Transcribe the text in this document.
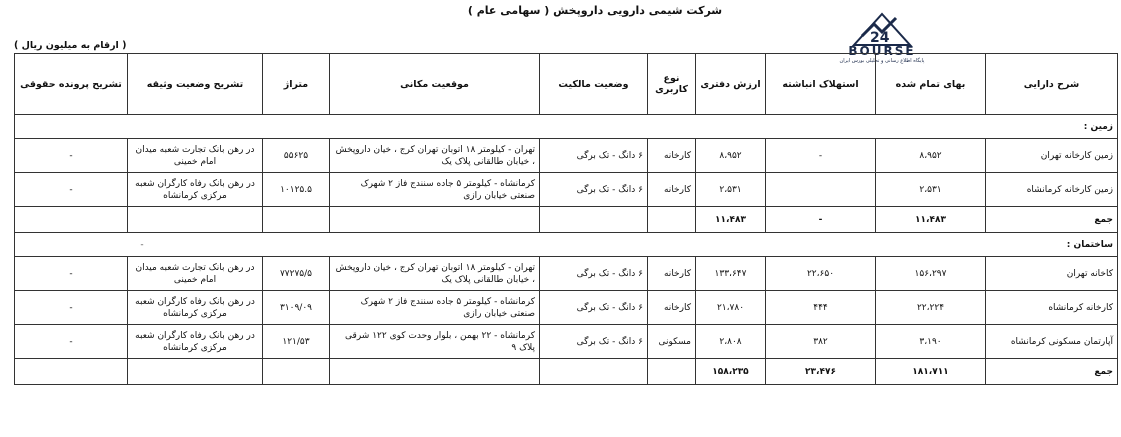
شرکت شیمی دارویی داروپخش ( سهامی عام )
( ارقام به میلیون ریال )	24
BOURSE
پایگاه اطلاع رسانی و تحلیلی بورس ایران
شرح دارایی	بهای تمام شده	استهلاک انباشته	ارزش دفتری	نوع کاربری	وضعیت مالکیت	موقعیت مکانی	متراژ	تشریح وضعیت وثیقه	تشریح پرونده حقوقی
زمین :									
زمین کارخانه تهران	۸،۹۵۲	-	۸،۹۵۲	کارخانه	۶ دانگ - تک برگی	تهران - کیلومتر ۱۸ اتوبان تهران کرج ، خیان داروپخش ، خیابان طالقانی پلاک یک	۵۵۶۲۵	در رهن بانک تجارت شعبه میدان امام خمینی	-
زمین کارخانه کرمانشاه	۲،۵۳۱		۲،۵۳۱	کارخانه	۶ دانگ - تک برگی	کرمانشاه - کیلومتر ۵ جاده سنندج فاز ۲ شهرک صنعتی خیابان رازی	۱۰۱۲۵.۵	در رهن بانک رفاه کارگران شعبه مرکزی کرمانشاه	-
جمع	۱۱،۴۸۳	-	۱۱،۴۸۳						
ساختمان : -									
کاخانه تهران	۱۵۶،۲۹۷	۲۲،۶۵۰	۱۳۳،۶۴۷	کارخانه	۶ دانگ - تک برگی	تهران - کیلومتر ۱۸ اتوبان تهران کرج ، خیان داروپخش ، خیابان طالقانی پلاک یک	۷۷۲۷۵/۵	در رهن بانک تجارت شعبه میدان امام خمینی	-
کارخانه کرمانشاه	۲۲،۲۲۴	۴۴۴	۲۱،۷۸۰	کارخانه	۶ دانگ - تک برگی	کرمانشاه - کیلومتر ۵ جاده سنندج فاز ۲ شهرک صنعتی خیابان رازی	۳۱۰۹/۰۹	در رهن بانک رفاه کارگران شعبه مرکزی کرمانشاه	-
آپارتمان مسکونی کرمانشاه	۳،۱۹۰	۳۸۲	۲،۸۰۸	مسکونی	۶ دانگ - تک برگی	کرمانشاه - ۲۲ بهمن ، بلوار وحدت کوی ۱۲۲ شرقی پلاک ۹	۱۲۱/۵۳	در رهن بانک رفاه کارگران شعبه مرکزی کرمانشاه	-
جمع	۱۸۱،۷۱۱	۲۳،۴۷۶	۱۵۸،۲۳۵						
